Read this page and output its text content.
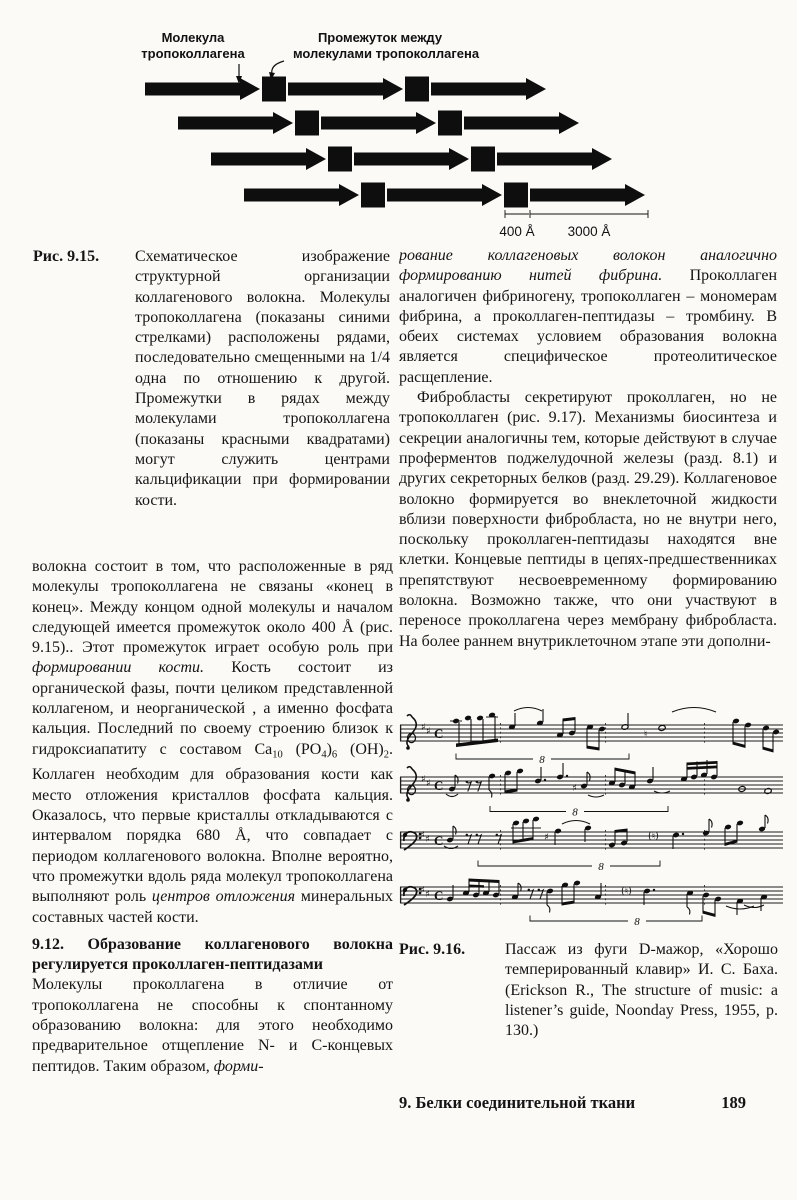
Молекула
тропоколлагена
Промежуток между
молекулами тропоколлагена
400 Å 3000 Å
Рис. 9.15.	Схематическое изображение структурной организации коллагенового волокна. Молекулы тропоколлагена (показаны синими стрелками) расположены рядами, последовательно смещенными на 1/4 одна по отношению к другой. Промежутки в рядах между молекулами тропоколлагена (показаны красными квадратами) могут служить центрами кальцификации при формировании кости.

рование коллагеновых волокон аналогично формированию нитей фибрина. Проколлаген аналогичен фибриногену, тропоколлаген – мономерам фибрина, а проколлаген-пептидазы – тромбину. В обеих системах условием образования волокна является специфическое протеолитическое расщепление.

Фибробласты секретируют проколлаген, но не тропоколлаген (рис. 9.17). Механизмы биосинтеза и секреции аналогичны тем, которые действуют в случае проферментов поджелудочной железы (разд. 8.1) и других секреторных белков (разд. 29.29). Коллагеновое волокно формируется во внеклеточной жидкости вблизи поверхности фибробласта, но не внутри него, поскольку проколлаген-пептидазы находятся вне клетки. Концевые пептиды в цепях-предшественниках препятствуют несвоевременному формированию волокна. Возможно также, что они участвуют в переносе проколлагена через мембрану фибробласта. На более раннем внутриклеточном этапе эти дополни-

волокна состоит в том, что расположенные в ряд молекулы тропоколлагена не связаны «конец в конец». Между концом одной молекулы и началом следующей имеется промежуток около 400 Å (рис. 9.15).. Этот промежуток играет особую роль при формировании кости. Кость состоит из органической фазы, почти целиком представленной коллагеном, и неорганической , а именно фосфата кальция. Последний по своему строению близок к гидроксиапатиту с составом $Ca_{10}$ $(PO_4)_6$ $(OH)_2$. Коллаген необходим для образования кости как место отложения кристаллов фосфата кальция. Оказалось, что первые кристаллы откладываются с интервалом порядка 680 Å, что совпадает с периодом коллагенового волокна. Вполне вероятно, что промежутки вдоль ряда молекул тропоколлагена выполняют роль центров отложения минеральных составных частей кости.

9.12. Образование коллагенового волокна регулируется проколлаген-пептидазами

Молекулы проколлагена в отличие от тропоколлагена не способны к спонтанному образованию волокна: для этого необходимо предварительное отщепление N- и C-концевых пептидов. Таким образом, форми-

♯ ♯ C	♮
8
♯ ♯ C	♯
8
♯ ♯ C	♯	(♮)
8
♯ ♯ C	(♮)
8
Рис. 9.16.	Пассаж из фуги D-мажор, «Хорошо темперированный клавир» И. С. Баха. (Erickson R., The structure of music: a listener’s guide, Noonday Press, 1955, p. 130.)
9. Белки соединительной ткани	189
